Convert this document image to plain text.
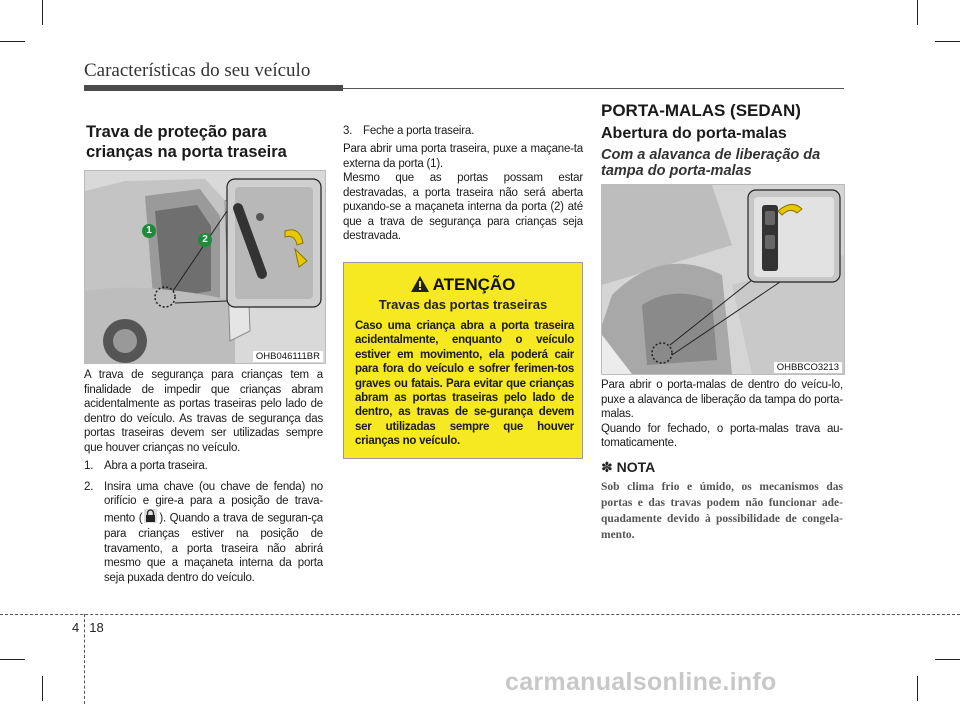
Características do seu veículo
Trava de proteção para crianças na porta traseira
1
2
OHB046111BR
A trava de segurança para crianças tem a finalidade de impedir que crianças abram acidentalmente as portas traseiras pelo lado de dentro do veículo. As travas de segurança das portas traseiras devem ser utilizadas sempre que houver crianças no veículo.
1. Abra a porta traseira.
2. Insira uma chave (ou chave de fenda) no orifício e gire-a para a posição de trava-mento ( ). Quando a trava de seguran-ça para crianças estiver na posição de travamento, a porta traseira não abrirá mesmo que a maçaneta interna da porta seja puxada dentro do veículo.
3. Feche a porta traseira.
Para abrir uma porta traseira, puxe a maçane-ta externa da porta (1).
Mesmo que as portas possam estar destravadas, a porta traseira não será aberta puxando-se a maçaneta interna da porta (2) até que a trava de segurança para crianças seja destravada.
ATENÇÃO
Travas das portas traseiras
Caso uma criança abra a porta traseira acidentalmente, enquanto o veículo estiver em movimento, ela poderá cair para fora do veículo e sofrer ferimen-tos graves ou fatais. Para evitar que crianças abram as portas traseiras pelo lado de dentro, as travas de se-gurança devem ser utilizadas sempre que houver crianças no veículo.
PORTA-MALAS (SEDAN)
Abertura do porta-malas
Com a alavanca de liberação da tampa do porta-malas
OHBBCO3213
Para abrir o porta-malas de dentro do veícu-lo, puxe a alavanca de liberação da tampa do porta-malas.
Quando for fechado, o porta-malas trava au-tomaticamente.
✽ NOTA
Sob clima frio e úmido, os mecanismos das portas e das travas podem não funcionar ade-quadamente devido à possibilidade de congela-mento.
4 18
carmanualsonline.info
